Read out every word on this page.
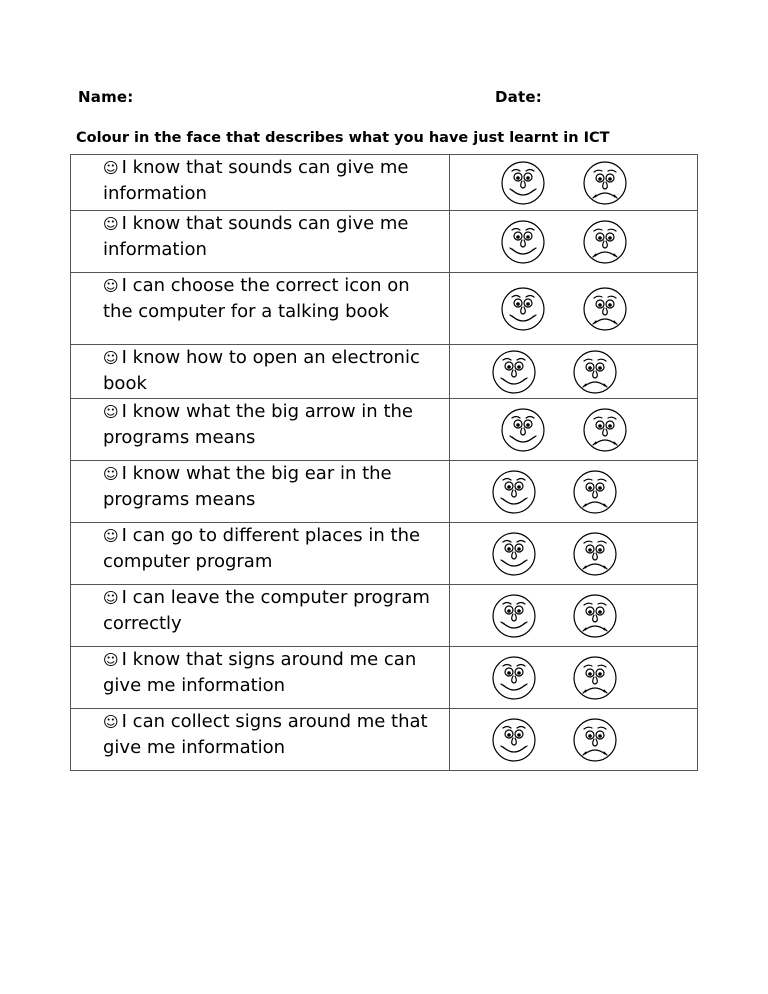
Name:	Date:
Colour in the face that describes what you have just learnt in ICT
☺ I know that sounds can give me information

☺ I know that sounds can give me information

☺ I can choose the correct icon on the computer for a talking book

☺ I know how to open an electronic book

☺ I know what the big arrow in the programs means

☺ I know what the big ear in the programs means

☺ I can go to different places in the computer program

☺ I can leave the computer program correctly

☺ I know that signs around me can give me information

☺ I can collect signs around me that give me information
